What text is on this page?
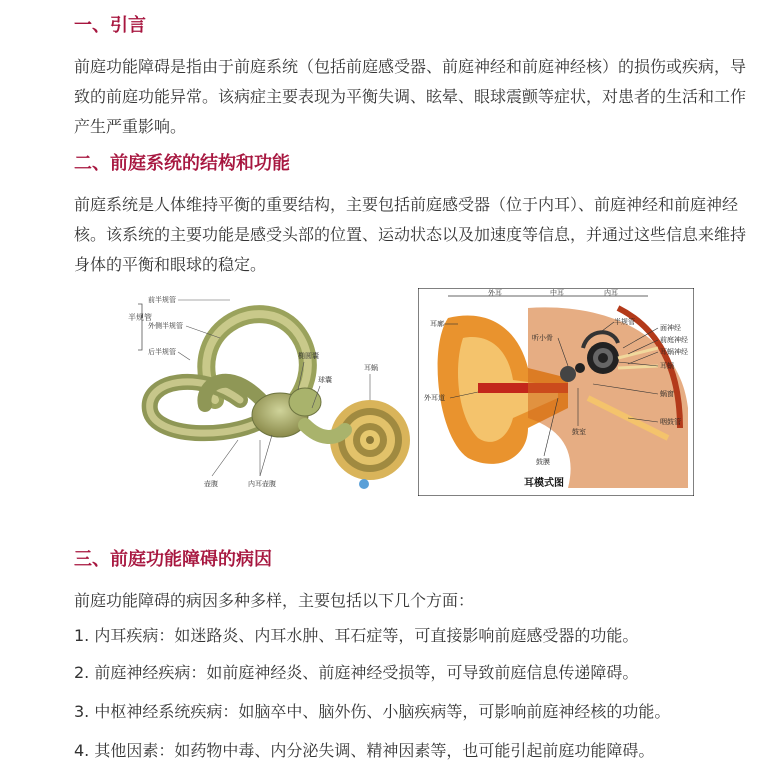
一、引言

前庭功能障碍是指由于前庭系统（包括前庭感受器、前庭神经和前庭神经核）的损伤或疾病，导致的前庭功能异常。该病症主要表现为平衡失调、眩晕、眼球震颤等症状，对患者的生活和工作产生严重影响。

二、前庭系统的结构和功能

前庭系统是人体维持平衡的重要结构，主要包括前庭感受器（位于内耳）、前庭神经和前庭神经核。该系统的主要功能是感受头部的位置、运动状态以及加速度等信息，并通过这些信息来维持身体的平衡和眼球的稳定。

半规管
前半规管
外侧半规管
后半规管	椭圆囊
球囊
耳蜗
壶腹	内耳壶腹
外耳	中耳	内耳
耳廓
外耳道
听小骨
鼓膜
鼓室
半规管
面神经
前庭神经
耳蜗神经
耳蜗
蜗窗
咽鼓管
耳模式图
三、前庭功能障碍的病因

前庭功能障碍的病因多种多样，主要包括以下几个方面：

1. 内耳疾病：如迷路炎、内耳水肿、耳石症等，可直接影响前庭感受器的功能。

2. 前庭神经疾病：如前庭神经炎、前庭神经受损等，可导致前庭信息传递障碍。

3. 中枢神经系统疾病：如脑卒中、脑外伤、小脑疾病等，可影响前庭神经核的功能。

4. 其他因素：如药物中毒、内分泌失调、精神因素等，也可能引起前庭功能障碍。
